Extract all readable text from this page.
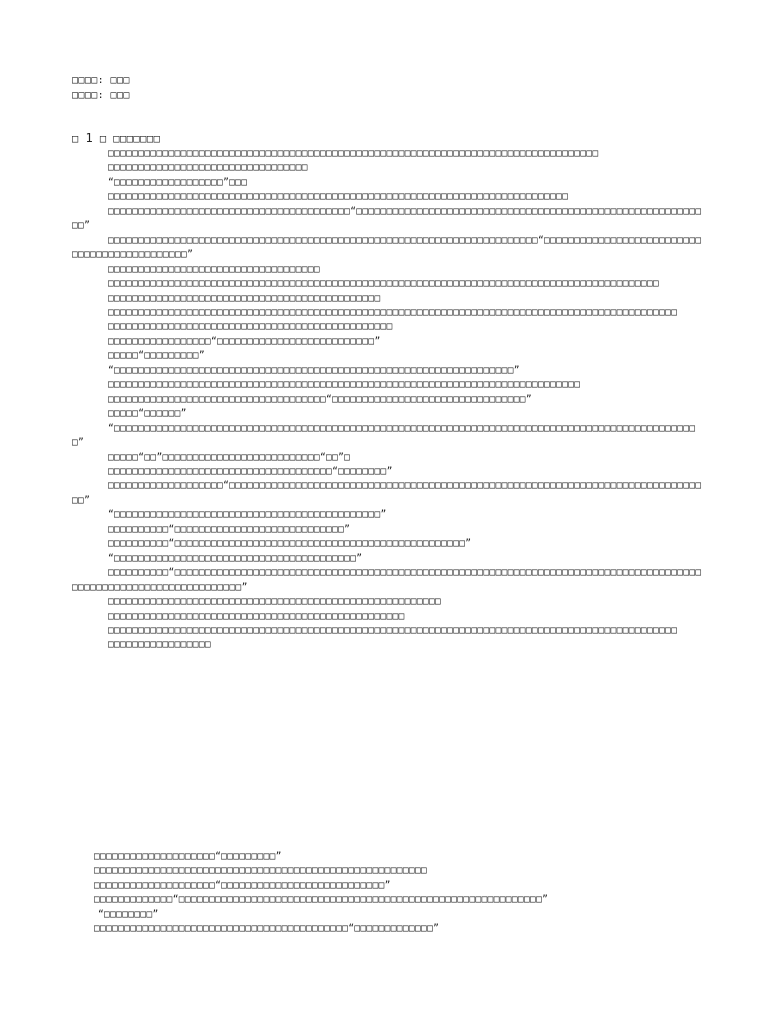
□□□□: □□□
□□□□: □□□
□ 1 □ □□□□□□□

□□□□□□□□□□□□□□□□□□□□□□□□□□□□□□□□□□□□□□□□□□□□□□□□□□□□□□□□□□□□□□□□□□□□□□□□□□□□□□□□□

□□□□□□□□□□□□□□□□□□□□□□□□□□□□□□□□□

“□□□□□□□□□□□□□□□□□□”□□□

□□□□□□□□□□□□□□□□□□□□□□□□□□□□□□□□□□□□□□□□□□□□□□□□□□□□□□□□□□□□□□□□□□□□□□□□□□□□

□□□□□□□□□□□□□□□□□□□□□□□□□□□□□□□□□□□□□□□□“□□□□□□□□□□□□□□□□□□□□□□□□□□□□□□□□□□□□□□□□□□□□□□□□□□□□□□□□□□□”

□□□□□□□□□□□□□□□□□□□□□□□□□□□□□□□□□□□□□□□□□□□□□□□□□□□□□□□□□□□□□□□□□□□□□□□“□□□□□□□□□□□□□□□□□□□□□□□□□□□□□□□□□□□□□□□□□□□□□”

□□□□□□□□□□□□□□□□□□□□□□□□□□□□□□□□□□□

□□□□□□□□□□□□□□□□□□□□□□□□□□□□□□□□□□□□□□□□□□□□□□□□□□□□□□□□□□□□□□□□□□□□□□□□□□□□□□□□□□□□□□□□□□□

□□□□□□□□□□□□□□□□□□□□□□□□□□□□□□□□□□□□□□□□□□□□□

□□□□□□□□□□□□□□□□□□□□□□□□□□□□□□□□□□□□□□□□□□□□□□□□□□□□□□□□□□□□□□□□□□□□□□□□□□□□□□□□□□□□□□□□□□□□□□

□□□□□□□□□□□□□□□□□□□□□□□□□□□□□□□□□□□□□□□□□□□□□□□

□□□□□□□□□□□□□□□□□“□□□□□□□□□□□□□□□□□□□□□□□□□□”

□□□□□“□□□□□□□□□”

“□□□□□□□□□□□□□□□□□□□□□□□□□□□□□□□□□□□□□□□□□□□□□□□□□□□□□□□□□□□□□□□□□□”

□□□□□□□□□□□□□□□□□□□□□□□□□□□□□□□□□□□□□□□□□□□□□□□□□□□□□□□□□□□□□□□□□□□□□□□□□□□□□□

□□□□□□□□□□□□□□□□□□□□□□□□□□□□□□□□□□□□“□□□□□□□□□□□□□□□□□□□□□□□□□□□□□□□□”

□□□□□“□□□□□□”

“□□□□□□□□□□□□□□□□□□□□□□□□□□□□□□□□□□□□□□□□□□□□□□□□□□□□□□□□□□□□□□□□□□□□□□□□□□□□□□□□□□□□□□□□□□□□□□□□□”

□□□□□“□□”□□□□□□□□□□□□□□□□□□□□□□□□□□“□□”□

□□□□□□□□□□□□□□□□□□□□□□□□□□□□□□□□□□□□□“□□□□□□□□”

□□□□□□□□□□□□□□□□□□□“□□□□□□□□□□□□□□□□□□□□□□□□□□□□□□□□□□□□□□□□□□□□□□□□□□□□□□□□□□□□□□□□□□□□□□□□□□□□□□□□”

“□□□□□□□□□□□□□□□□□□□□□□□□□□□□□□□□□□□□□□□□□□□□”

□□□□□□□□□□“□□□□□□□□□□□□□□□□□□□□□□□□□□□□”

□□□□□□□□□□“□□□□□□□□□□□□□□□□□□□□□□□□□□□□□□□□□□□□□□□□□□□□□□□□”

“□□□□□□□□□□□□□□□□□□□□□□□□□□□□□□□□□□□□□□□□”

□□□□□□□□□□“□□□□□□□□□□□□□□□□□□□□□□□□□□□□□□□□□□□□□□□□□□□□□□□□□□□□□□□□□□□□□□□□□□□□□□□□□□□□□□□□□□□□□□□□□□□□□□□□□□□□□□□□□□□□□□□□□□□”

□□□□□□□□□□□□□□□□□□□□□□□□□□□□□□□□□□□□□□□□□□□□□□□□□□□□□□□

□□□□□□□□□□□□□□□□□□□□□□□□□□□□□□□□□□□□□□□□□□□□□□□□□

□□□□□□□□□□□□□□□□□□□□□□□□□□□□□□□□□□□□□□□□□□□□□□□□□□□□□□□□□□□□□□□□□□□□□□□□□□□□□□□□□□□□□□□□□□□□□□

□□□□□□□□□□□□□□□□□

□□□□□□□□□□□□□□□□□□□□“□□□□□□□□□”

□□□□□□□□□□□□□□□□□□□□□□□□□□□□□□□□□□□□□□□□□□□□□□□□□□□□□□□

□□□□□□□□□□□□□□□□□□□□“□□□□□□□□□□□□□□□□□□□□□□□□□□□”

□□□□□□□□□□□□□“□□□□□□□□□□□□□□□□□□□□□□□□□□□□□□□□□□□□□□□□□□□□□□□□□□□□□□□□□□□□”

“□□□□□□□□”

□□□□□□□□□□□□□□□□□□□□□□□□□□□□□□□□□□□□□□□□□□“□□□□□□□□□□□□□”
